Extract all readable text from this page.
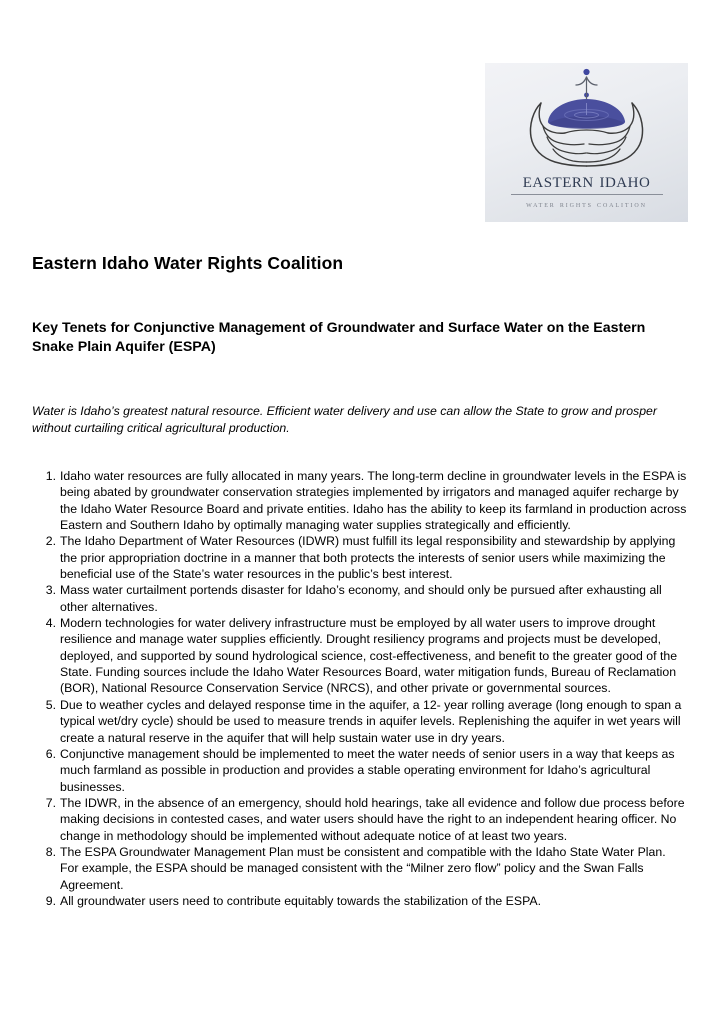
eastern idaho
water rights coalition
Eastern Idaho Water Rights Coalition
Key Tenets for Conjunctive Management of Groundwater and Surface Water on the Eastern Snake Plain Aquifer (ESPA)

Water is Idaho’s greatest natural resource. Efficient water delivery and use can allow the State to grow and prosper without curtailing critical agricultural production.

1. Idaho water resources are fully allocated in many years. The long-term decline in groundwater levels in the ESPA is being abated by groundwater conservation strategies implemented by irrigators and managed aquifer recharge by the Idaho Water Resource Board and private entities. Idaho has the ability to keep its farmland in production across Eastern and Southern Idaho by optimally managing water supplies strategically and efficiently.
2. The Idaho Department of Water Resources (IDWR) must fulfill its legal responsibility and stewardship by applying the prior appropriation doctrine in a manner that both protects the interests of senior users while maximizing the beneficial use of the State’s water resources in the public’s best interest.
3. Mass water curtailment portends disaster for Idaho’s economy, and should only be pursued after exhausting all other alternatives.
4. Modern technologies for water delivery infrastructure must be employed by all water users to improve drought resilience and manage water supplies efficiently. Drought resiliency programs and projects must be developed, deployed, and supported by sound hydrological science, cost-effectiveness, and benefit to the greater good of the State. Funding sources include the Idaho Water Resources Board, water mitigation funds, Bureau of Reclamation (BOR), National Resource Conservation Service (NRCS), and other private or governmental sources.
5. Due to weather cycles and delayed response time in the aquifer, a 12- year rolling average (long enough to span a typical wet/dry cycle) should be used to measure trends in aquifer levels. Replenishing the aquifer in wet years will create a natural reserve in the aquifer that will help sustain water use in dry years.
6. Conjunctive management should be implemented to meet the water needs of senior users in a way that keeps as much farmland as possible in production and provides a stable operating environment for Idaho’s agricultural businesses.
7. The IDWR, in the absence of an emergency, should hold hearings, take all evidence and follow due process before making decisions in contested cases, and water users should have the right to an independent hearing officer. No change in methodology should be implemented without adequate notice of at least two years.
8. The ESPA Groundwater Management Plan must be consistent and compatible with the Idaho State Water Plan. For example, the ESPA should be managed consistent with the “Milner zero flow” policy and the Swan Falls Agreement.
9. All groundwater users need to contribute equitably towards the stabilization of the ESPA.
